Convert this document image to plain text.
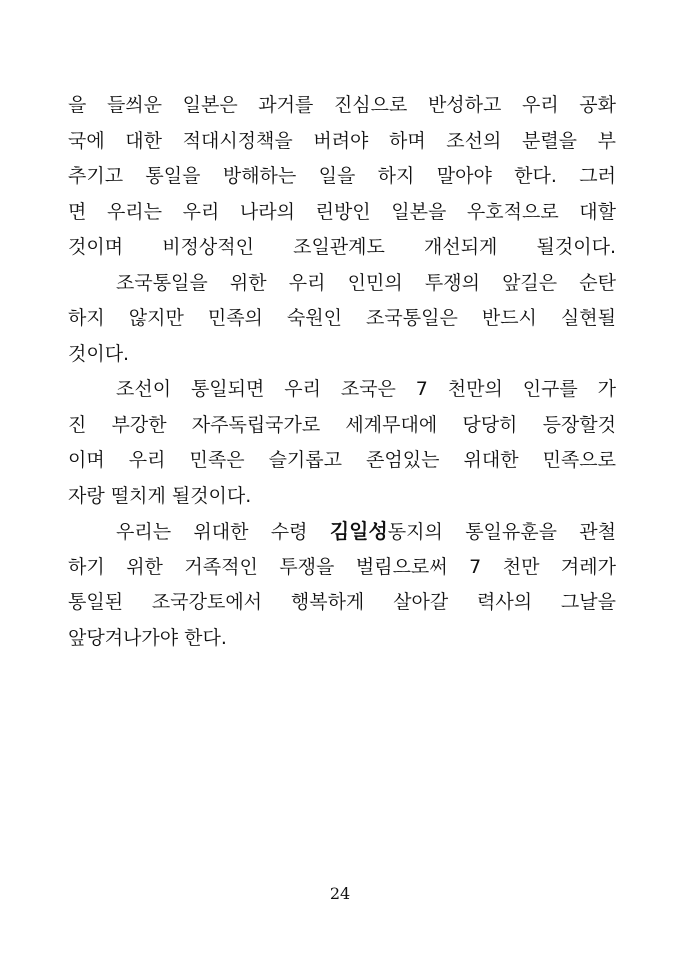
을 들씌운 일본은 과거를 진심으로 반성하고 우리 공화
국에 대한 적대시정책을 버려야 하며 조선의 분렬을 부
추기고 통일을 방해하는 일을 하지 말아야 한다. 그러
면 우리는 우리 나라의 린방인 일본을 우호적으로 대할
것이며 비정상적인 조일관계도 개선되게 될것이다.
조국통일을 위한 우리 인민의 투쟁의 앞길은 순탄
하지 않지만 민족의 숙원인 조국통일은 반드시 실현될
것이다.
조선이 통일되면 우리 조국은 7 천만의 인구를 가
진 부강한 자주독립국가로 세계무대에 당당히 등장할것
이며 우리 민족은 슬기롭고 존엄있는 위대한 민족으로
자랑 떨치게 될것이다.
우리는 위대한 수령 김일성동지의 통일유훈을 관철
하기 위한 거족적인 투쟁을 벌림으로써 7 천만 겨레가
통일된 조국강토에서 행복하게 살아갈 력사의 그날을
앞당겨나가야 한다.
24
